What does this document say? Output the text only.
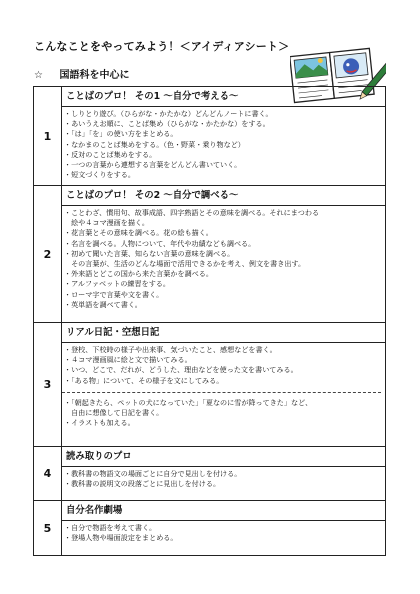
こんなことをやってみよう！＜アイディアシート＞
☆ 国語科を中心に
1
ことばのプロ！ その1 〜自分で考える〜
・しりとり遊び。（ひらがな・かたかな）どんどんノートに書く。
・あいうえお順に、ことば集め（ひらがな・かたかな）をする。
・「は」「を」の使い方をまとめる。
・なかまのことば集めをする。（色・野菜・乗り物など）
・反対のことば集めをする。
・一つの言葉から連想する言葉をどんどん書いていく。
・短文づくりをする。
2
ことばのプロ！ その2 〜自分で調べる〜
・ことわざ、慣用句、故事成語、四字熟語とその意味を調べる。それにまつわる
　絵や４コマ漫画を描く。
・花言葉とその意味を調べる。花の絵も描く。
・名言を調べる。人物について、年代や功績なども調べる。
・初めて聞いた言葉、知らない言葉の意味を調べる。
　その言葉が、生活のどんな場面で活用できるかを考え、例文を書き出す。
・外来語とどこの国から来た言葉かを調べる。
・アルファベットの練習をする。
・ローマ字で言葉や文を書く。
・英単語を調べて書く。
3
リアル日記・空想日記
・登校、下校時の様子や出来事、気づいたこと、感想などを書く。
・４コマ漫画風に絵と文で描いてみる。
・いつ、どこで、だれが、どうした、理由などを使った文を書いてみる。
・「ある物」について、その様子を文にしてみる。
・「朝起きたら、ペットの犬になっていた」「夏なのに雪が降ってきた」など、
　自由に想像して日記を書く。
・イラストも加える。
4
読み取りのプロ
・教科書の物語文の場面ごとに自分で見出しを付ける。
・教科書の説明文の段落ごとに見出しを付ける。
5
自分名作劇場
・自分で物語を考えて書く。
・登場人物や場面設定をまとめる。
